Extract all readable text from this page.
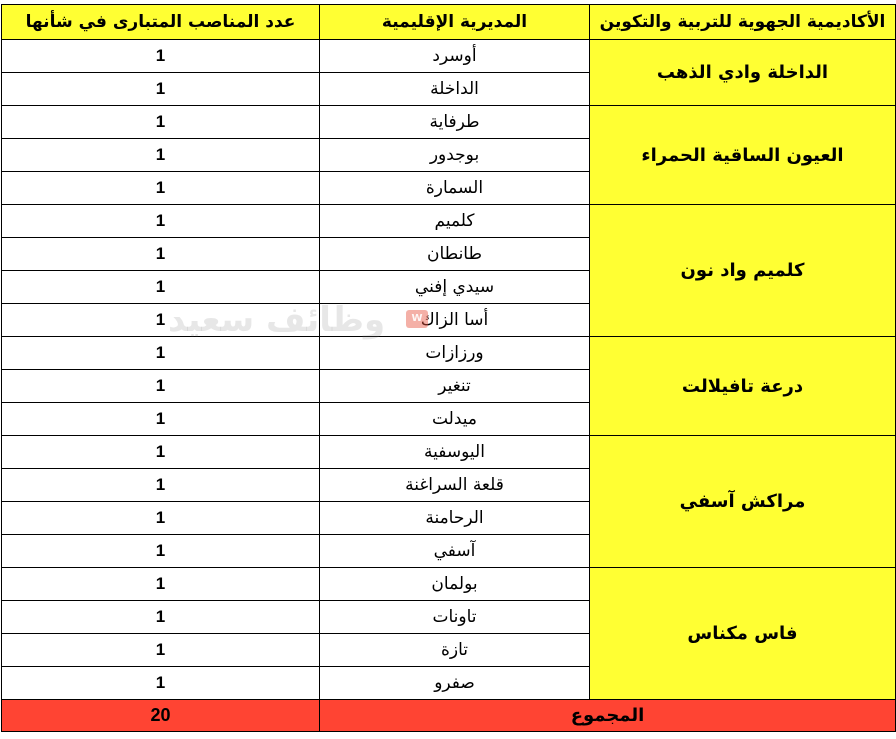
الأكاديمية الجهوية للتربية والتكوين	المديرية الإقليمية	عدد المناصب المتبارى في شأنها
الداخلة وادي الذهب	أوسرد	1
	الداخلة	1
العيون الساقية الحمراء	طرفاية	1
	بوجدور	1
	السمارة	1
كلميم واد نون	كلميم	1
	طانطان	1
	سيدي إفني	1
	أسا الزاك	1
درعة تافيلالت	ورزازات	1
	تنغير	1
	ميدلت	1
مراكش آسفي	اليوسفية	1
	قلعة السراغنة	1
	الرحامنة	1
	آسفي	1
فاس مكناس	بولمان	1
	تاونات	1
	تازة	1
	صفرو	1
المجموع		20
W
